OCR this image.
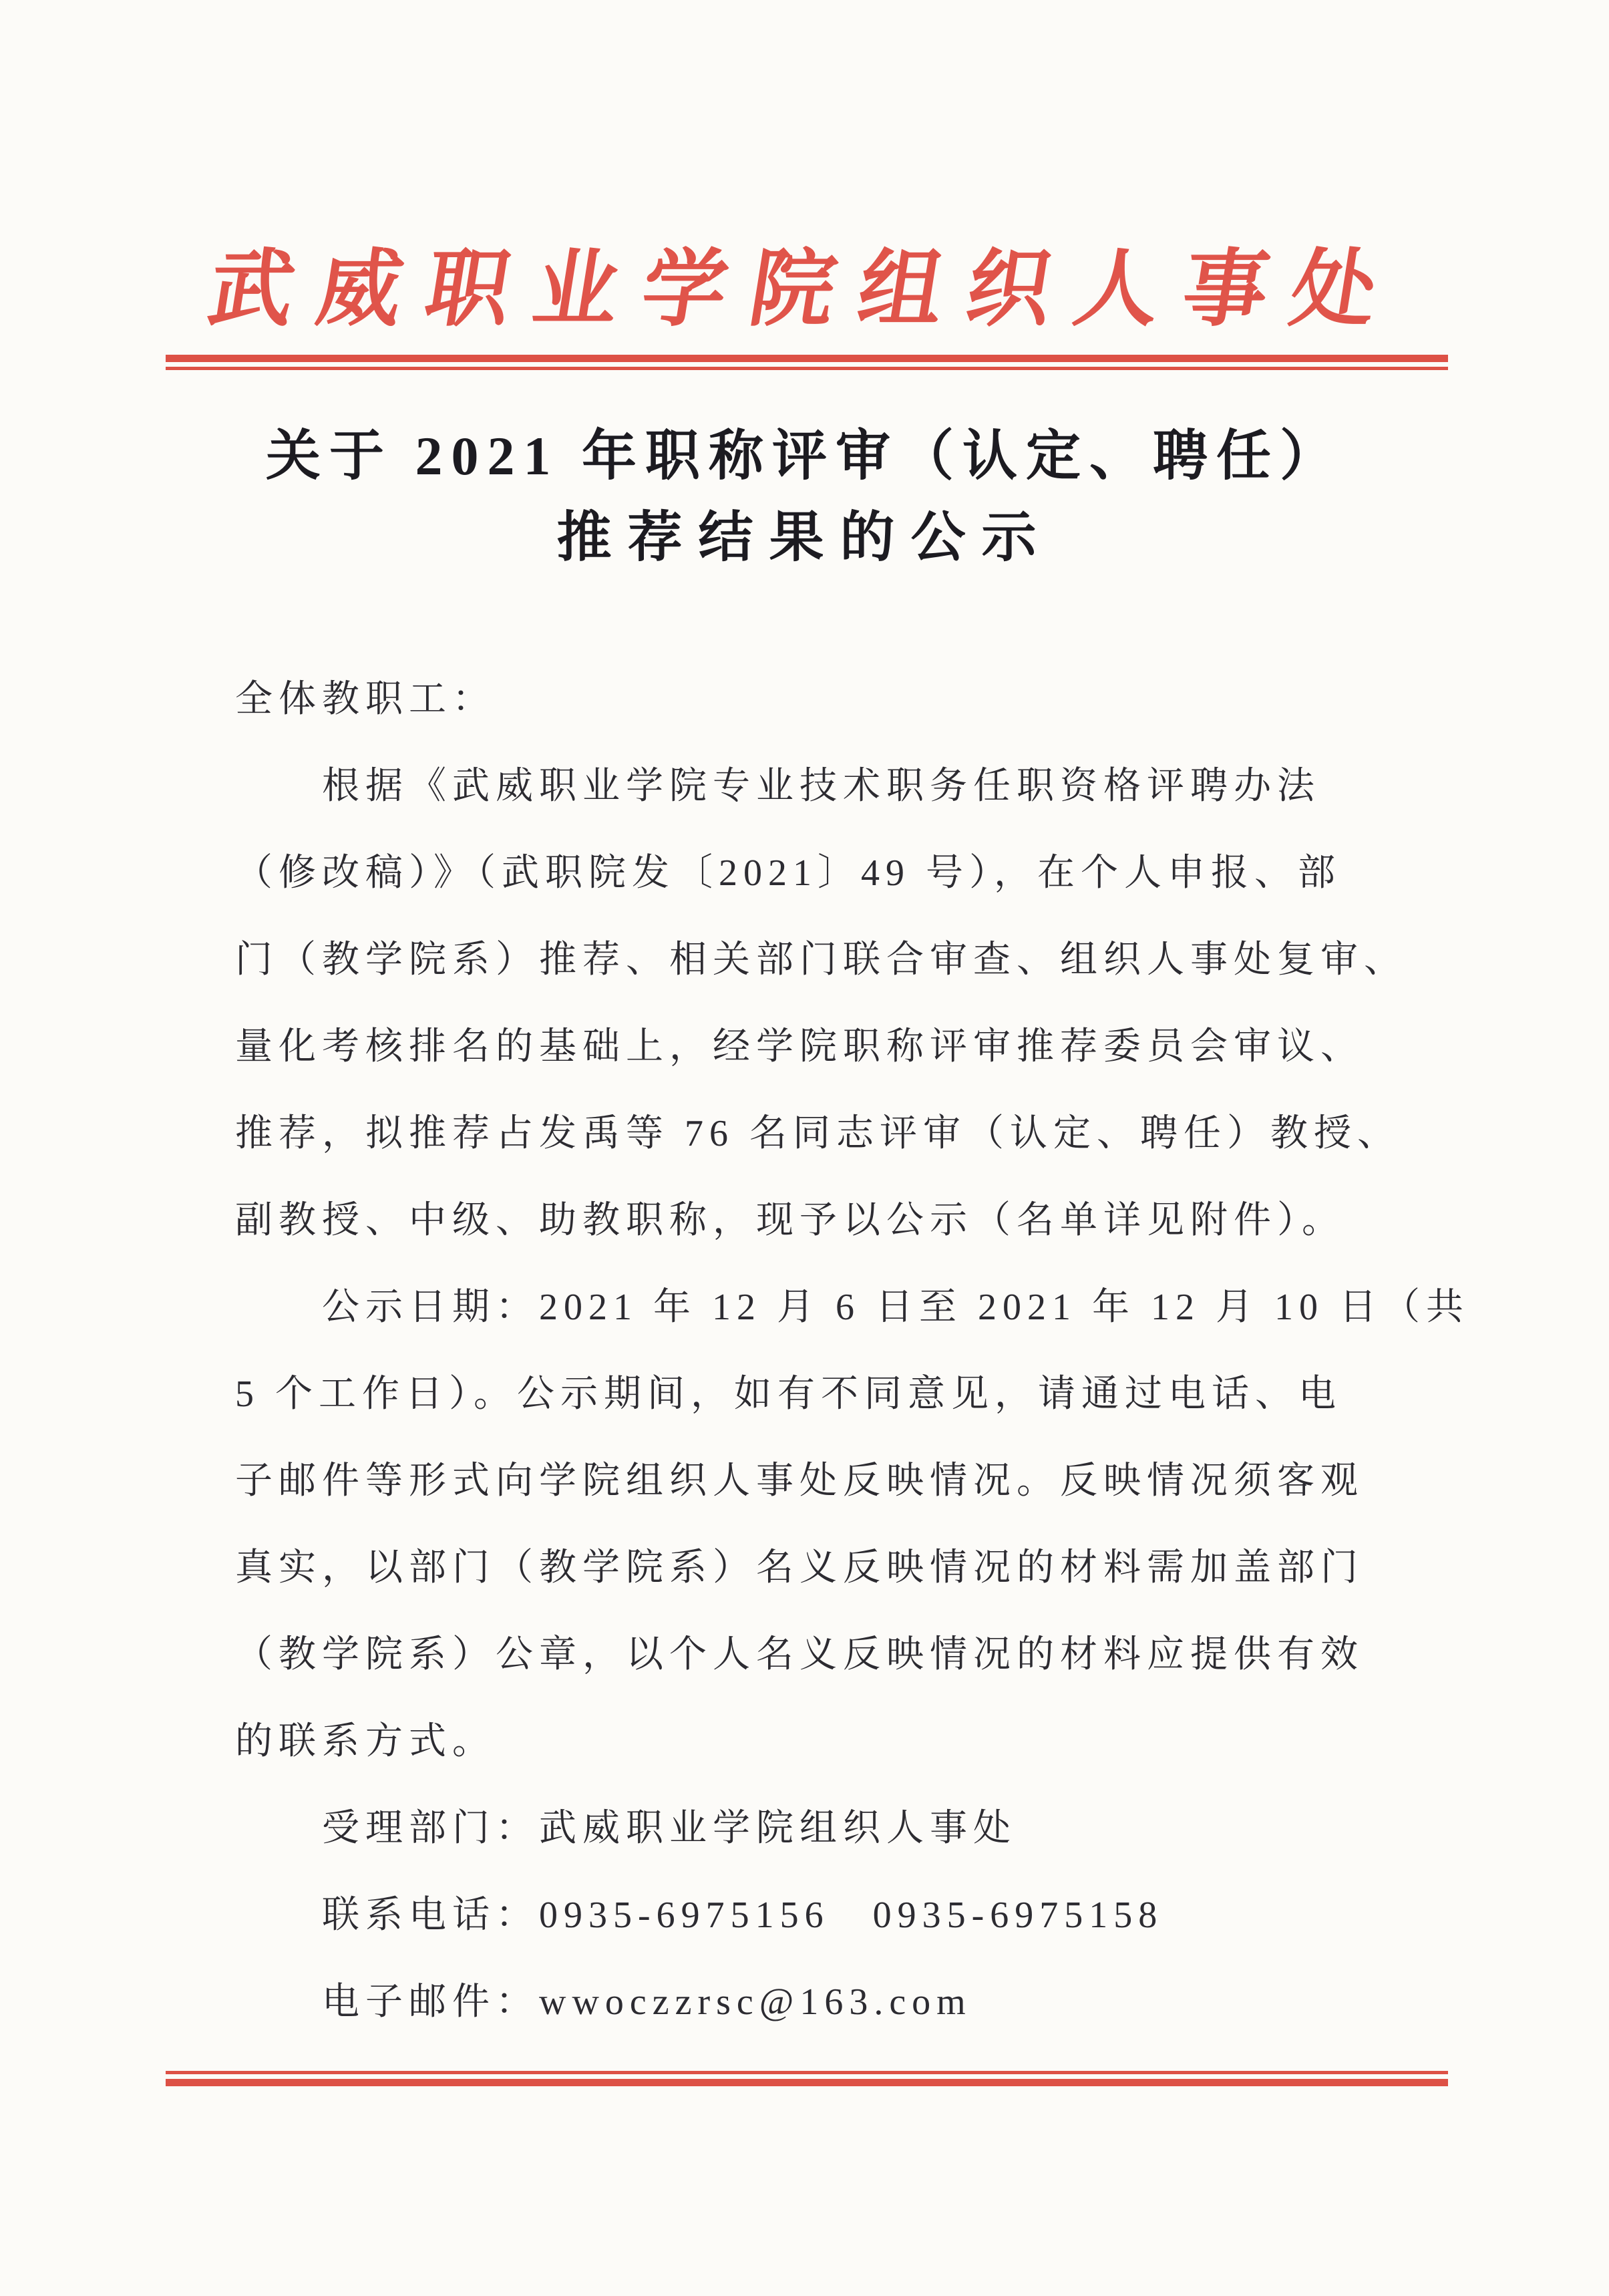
武威职业学院组织人事处
关于 2021 年职称评审（认定、聘任）
推荐结果的公示
全体教职工：
根据《武威职业学院专业技术职务任职资格评聘办法
（修改稿）》（武职院发〔2021〕49 号），在个人申报、部
门（教学院系）推荐、相关部门联合审查、组织人事处复审、
量化考核排名的基础上，经学院职称评审推荐委员会审议、
推荐，拟推荐占发禹等 76 名同志评审（认定、聘任）教授、
副教授、中级、助教职称，现予以公示（名单详见附件）。
公示日期：2021 年 12 月 6 日至 2021 年 12 月 10 日（共
5 个工作日）。公示期间，如有不同意见，请通过电话、电
子邮件等形式向学院组织人事处反映情况。反映情况须客观
真实，以部门（教学院系）名义反映情况的材料需加盖部门
（教学院系）公章，以个人名义反映情况的材料应提供有效
的联系方式。
受理部门：武威职业学院组织人事处
联系电话：0935-6975156　0935-6975158
电子邮件：wwoczzrsc@163.com
